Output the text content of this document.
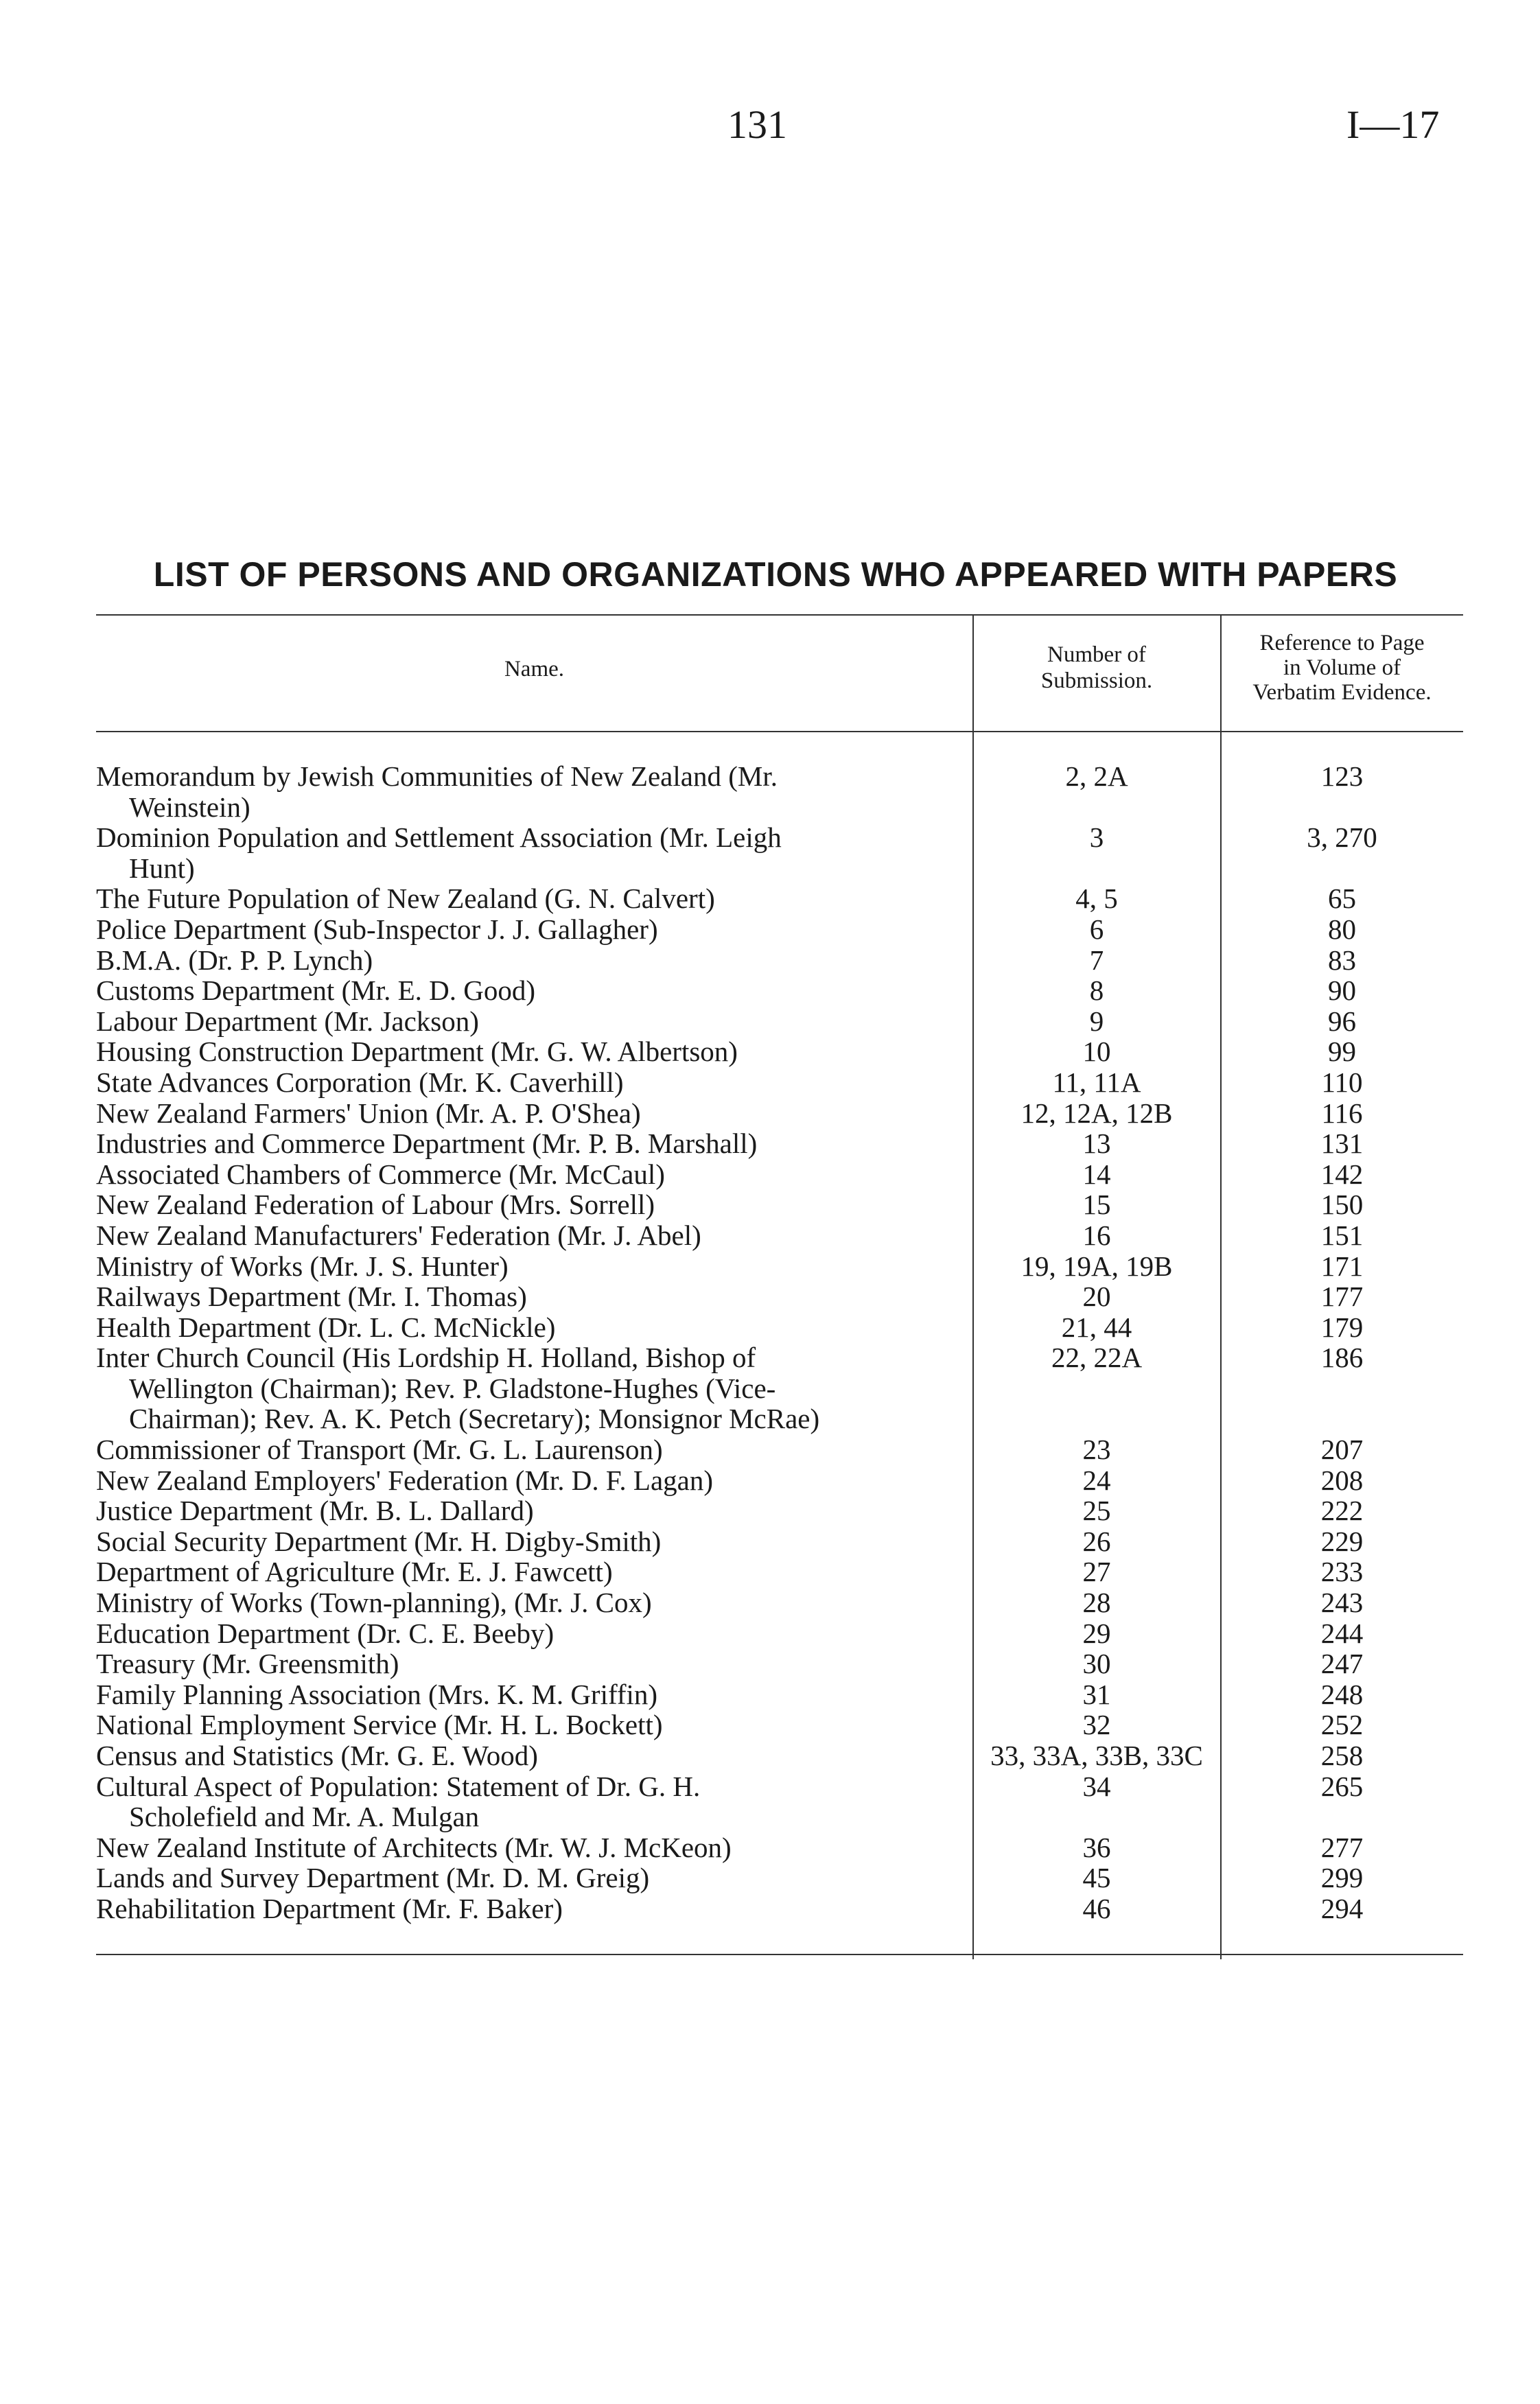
131	I—17
LIST OF PERSONS AND ORGANIZATIONS WHO APPEARED WITH PAPERS
Name.
Number of
Submission.
Reference to Page
in Volume of
Verbatim Evidence.
Memorandum by Jewish Communities of New Zealand (Mr.
Weinstein)
2, 2A	123
Dominion Population and Settlement Association (Mr. Leigh
Hunt)
3	3, 270
The Future Population of New Zealand (G. N. Calvert)	4, 5	65
Police Department (Sub-Inspector J. J. Gallagher)	6	80
B.M.A. (Dr. P. P. Lynch)	7	83
Customs Department (Mr. E. D. Good)	8	90
Labour Department (Mr. Jackson)	9	96
Housing Construction Department (Mr. G. W. Albertson)	10	99
State Advances Corporation (Mr. K. Caverhill)	11, 11A	110
New Zealand Farmers' Union (Mr. A. P. O'Shea)	12, 12A, 12B	116
Industries and Commerce Department (Mr. P. B. Marshall)	13	131
Associated Chambers of Commerce (Mr. McCaul)	14	142
New Zealand Federation of Labour (Mrs. Sorrell)	15	150
New Zealand Manufacturers' Federation (Mr. J. Abel)	16	151
Ministry of Works (Mr. J. S. Hunter)	19, 19A, 19B	171
Railways Department (Mr. I. Thomas)	20	177
Health Department (Dr. L. C. McNickle)	21, 44	179
Inter Church Council (His Lordship H. Holland, Bishop of
Wellington (Chairman); Rev. P. Gladstone-Hughes (Vice-
Chairman); Rev. A. K. Petch (Secretary); Monsignor McRae)
22, 22A	186
Commissioner of Transport (Mr. G. L. Laurenson)	23	207
New Zealand Employers' Federation (Mr. D. F. Lagan)	24	208
Justice Department (Mr. B. L. Dallard)	25	222
Social Security Department (Mr. H. Digby-Smith)	26	229
Department of Agriculture (Mr. E. J. Fawcett)	27	233
Ministry of Works (Town-planning), (Mr. J. Cox)	28	243
Education Department (Dr. C. E. Beeby)	29	244
Treasury (Mr. Greensmith)	30	247
Family Planning Association (Mrs. K. M. Griffin)	31	248
National Employment Service (Mr. H. L. Bockett)	32	252
Census and Statistics (Mr. G. E. Wood)	33, 33A, 33B, 33C	258
Cultural Aspect of Population: Statement of Dr. G. H.
Scholefield and Mr. A. Mulgan
34	265
New Zealand Institute of Architects (Mr. W. J. McKeon)	36	277
Lands and Survey Department (Mr. D. M. Greig)	45	299
Rehabilitation Department (Mr. F. Baker)	46	294
